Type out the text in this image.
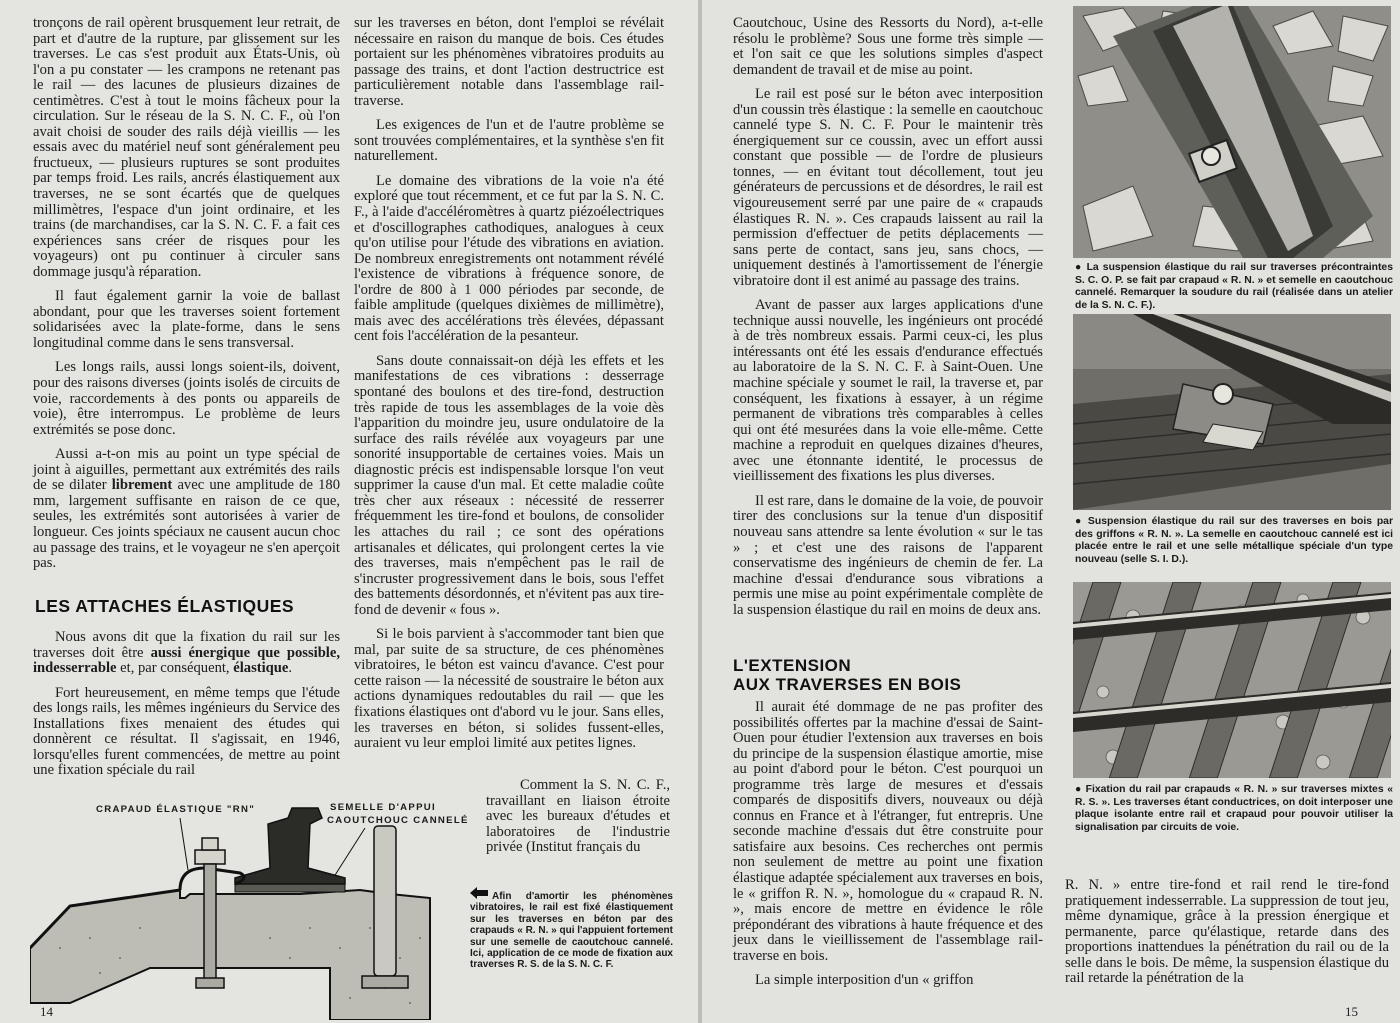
tronçons de rail opèrent brusquement leur retrait, de part et d'autre de la rupture, par glissement sur les traverses. Le cas s'est produit aux États-Unis, où l'on a pu constater — les crampons ne retenant pas le rail — des lacunes de plusieurs dizaines de centimètres. C'est à tout le moins fâcheux pour la circulation. Sur le réseau de la S. N. C. F., où l'on avait choisi de souder des rails déjà vieillis — les essais avec du matériel neuf sont généralement peu fructueux, — plusieurs ruptures se sont produites par temps froid. Les rails, ancrés élastiquement aux traverses, ne se sont écartés que de quelques millimètres, l'espace d'un joint ordinaire, et les trains (de marchandises, car la S. N. C. F. a fait ces expériences sans créer de risques pour les voyageurs) ont pu continuer à circuler sans dommage jusqu'à réparation.

Il faut également garnir la voie de ballast abondant, pour que les traverses soient fortement solidarisées avec la plate-forme, dans le sens longitudinal comme dans le sens transversal.

Les longs rails, aussi longs soient-ils, doivent, pour des raisons diverses (joints isolés de circuits de voie, raccordements à des ponts ou appareils de voie), être interrompus. Le problème de leurs extrémités se pose donc.

Aussi a-t-on mis au point un type spécial de joint à aiguilles, permettant aux extrémités des rails de se dilater librement avec une amplitude de 180 mm, largement suffisante en raison de ce que, seules, les extrémités sont autorisées à varier de longueur. Ces joints spéciaux ne causent aucun choc au passage des trains, et le voyageur ne s'en aperçoit pas.

LES ATTACHES ÉLASTIQUES

Nous avons dit que la fixation du rail sur les traverses doit être aussi énergique que possible, indesserrable et, par conséquent, élastique.

Fort heureusement, en même temps que l'étude des longs rails, les mêmes ingénieurs du Service des Installations fixes menaient des études qui donnèrent ce résultat. Il s'agissait, en 1946, lorsqu'elles furent commencées, de mettre au point une fixation spéciale du rail

sur les traverses en béton, dont l'emploi se révélait nécessaire en raison du manque de bois. Ces études portaient sur les phénomènes vibratoires produits au passage des trains, et dont l'action destructrice est particulièrement notable dans l'assemblage rail-traverse.

Les exigences de l'un et de l'autre problème se sont trouvées complémentaires, et la synthèse s'en fit naturellement.

Le domaine des vibrations de la voie n'a été exploré que tout récemment, et ce fut par la S. N. C. F., à l'aide d'accéléromètres à quartz piézoélectriques et d'oscillographes cathodiques, analogues à ceux qu'on utilise pour l'étude des vibrations en aviation. De nombreux enregistrements ont notamment révélé l'existence de vibrations à fréquence sonore, de l'ordre de 800 à 1 000 périodes par seconde, de faible amplitude (quelques dixièmes de millimètre), mais avec des accélérations très élevées, dépassant cent fois l'accélération de la pesanteur.

Sans doute connaissait-on déjà les effets et les manifestations de ces vibrations : desserrage spontané des boulons et des tire-fond, destruction très rapide de tous les assemblages de la voie dès l'apparition du moindre jeu, usure ondulatoire de la surface des rails révélée aux voyageurs par une sonorité insupportable de certaines voies. Mais un diagnostic précis est indispensable lorsque l'on veut supprimer la cause d'un mal. Et cette maladie coûte très cher aux réseaux : nécessité de resserrer fréquemment les tire-fond et boulons, de consolider les attaches du rail ; ce sont des opérations artisanales et délicates, qui prolongent certes la vie des traverses, mais n'empêchent pas le rail de s'incruster progressivement dans le bois, sous l'effet des battements désordonnés, et n'évitent pas aux tire-fond de devenir « fous ».

Si le bois parvient à s'accommoder tant bien que mal, par suite de sa structure, de ces phénomènes vibratoires, le béton est vaincu d'avance. C'est pour cette raison — la nécessité de soustraire le béton aux actions dynamiques redoutables du rail — que les fixations élastiques ont d'abord vu le jour. Sans elles, les traverses en béton, si solides fussent-elles, auraient vu leur emploi limité aux petites lignes.

Comment la S. N. C. F., travaillant en liaison étroite avec les bureaux d'études et laboratoires de l'industrie privée (Institut français du

CRAPAUD ÉLASTIQUE "RN"	SEMELLE D'APPUI
CAOUTCHOUC CANNELÉ
Afin d'amortir les phénomènes vibratoires, le rail est fixé élastiquement sur les traverses en béton par des crapauds « R. N. » qui l'appuient fortement sur une semelle de caoutchouc cannelé. Ici, application de ce mode de fixation aux traverses R. S. de la S. N. C. F.
14

Caoutchouc, Usine des Ressorts du Nord), a-t-elle résolu le problème? Sous une forme très simple — et l'on sait ce que les solutions simples d'aspect demandent de travail et de mise au point.

Le rail est posé sur le béton avec interposition d'un coussin très élastique : la semelle en caoutchouc cannelé type S. N. C. F. Pour le maintenir très énergiquement sur ce coussin, avec un effort aussi constant que possible — de l'ordre de plusieurs tonnes, — en évitant tout décollement, tout jeu générateurs de percussions et de désordres, le rail est vigoureusement serré par une paire de « crapauds élastiques R. N. ». Ces crapauds laissent au rail la permission d'effectuer de petits déplacements — sans perte de contact, sans jeu, sans chocs, — uniquement destinés à l'amortissement de l'énergie vibratoire dont il est animé au passage des trains.

Avant de passer aux larges applications d'une technique aussi nouvelle, les ingénieurs ont procédé à de très nombreux essais. Parmi ceux-ci, les plus intéressants ont été les essais d'endurance effectués au laboratoire de la S. N. C. F. à Saint-Ouen. Une machine spéciale y soumet le rail, la traverse et, par conséquent, les fixations à essayer, à un régime permanent de vibrations très comparables à celles qui ont été mesurées dans la voie elle-même. Cette machine a reproduit en quelques dizaines d'heures, avec une étonnante identité, le processus de vieillissement des fixations les plus diverses.

Il est rare, dans le domaine de la voie, de pouvoir tirer des conclusions sur la tenue d'un dispositif nouveau sans attendre sa lente évolution « sur le tas » ; et c'est une des raisons de l'apparent conservatisme des ingénieurs de chemin de fer. La machine d'essai d'endurance sous vibrations a permis une mise au point expérimentale complète de la suspension élastique du rail en moins de deux ans.

L'EXTENSION
AUX TRAVERSES EN BOIS

Il aurait été dommage de ne pas profiter des possibilités offertes par la machine d'essai de Saint-Ouen pour étudier l'extension aux traverses en bois du principe de la suspension élastique amortie, mise au point d'abord pour le béton. C'est pourquoi un programme très large de mesures et d'essais comparés de dispositifs divers, nouveaux ou déjà connus en France et à l'étranger, fut entrepris. Une seconde machine d'essais dut être construite pour satisfaire aux besoins. Ces recherches ont permis non seulement de mettre au point une fixation élastique adaptée spécialement aux traverses en bois, le « griffon R. N. », homologue du « crapaud R. N. », mais encore de mettre en évidence le rôle prépondérant des vibrations à haute fréquence et des jeux dans le vieillissement de l'assemblage rail-traverse en bois.

La simple interposition d'un « griffon

R. N. » entre tire-fond et rail rend le tire-fond pratiquement indesserrable. La suppression de tout jeu, même dynamique, grâce à la pression énergique et permanente, parce qu'élastique, retarde dans des proportions inattendues la pénétration du rail ou de la selle dans le bois. De même, la suspension élastique du rail retarde la pénétration de la

15
● La suspension élastique du rail sur traverses précontraintes S. C. O. P. se fait par crapaud « R. N. » et semelle en caoutchouc cannelé. Remarquer la soudure du rail (réalisée dans un atelier de la S. N. C. F.).
● Suspension élastique du rail sur des traverses en bois par des griffons « R. N. ». La semelle en caoutchouc cannelé est ici placée entre le rail et une selle métallique spéciale d'un type nouveau (selle S. I. D.).
● Fixation du rail par crapauds « R. N. » sur traverses mixtes « R. S. ». Les traverses étant conductrices, on doit interposer une plaque isolante entre rail et crapaud pour pouvoir utiliser la signalisation par circuits de voie.
